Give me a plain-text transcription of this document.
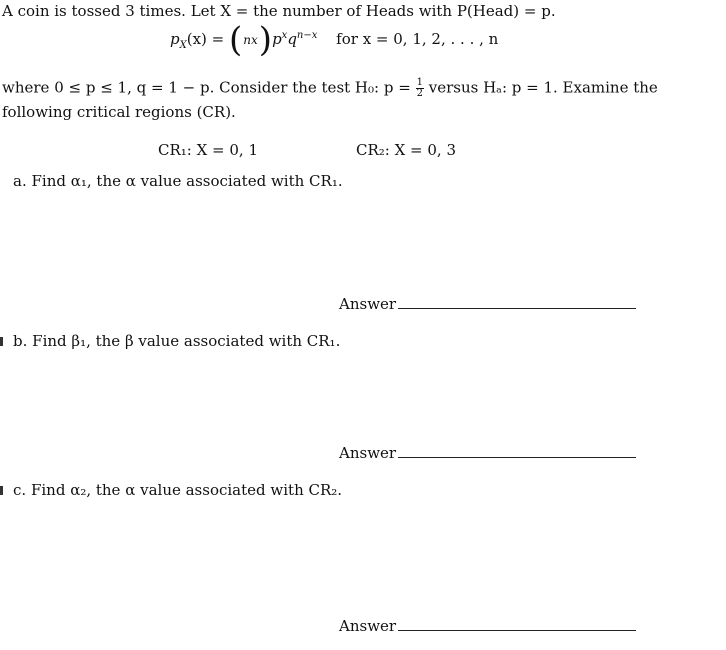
A coin is tossed 3 times. Let X = the number of Heads with P(Head) = p.
$p_X(x) = (nx)p^xq^{n-x}$ for x = 0, 1, 2, . . . , n
where 0 ≤ p ≤ 1, q = 1 − p. Consider the test H₀: $p = \frac{1}{2}$ versus Hₐ: p = 1. Examine the
following critical regions (CR).
CR₁: X = 0, 1	CR₂: X = 0, 3
a. Find α₁, the α value associated with CR₁.
Answer
b. Find β₁, the β value associated with CR₁.
Answer
c. Find α₂, the α value associated with CR₂.
Answer
